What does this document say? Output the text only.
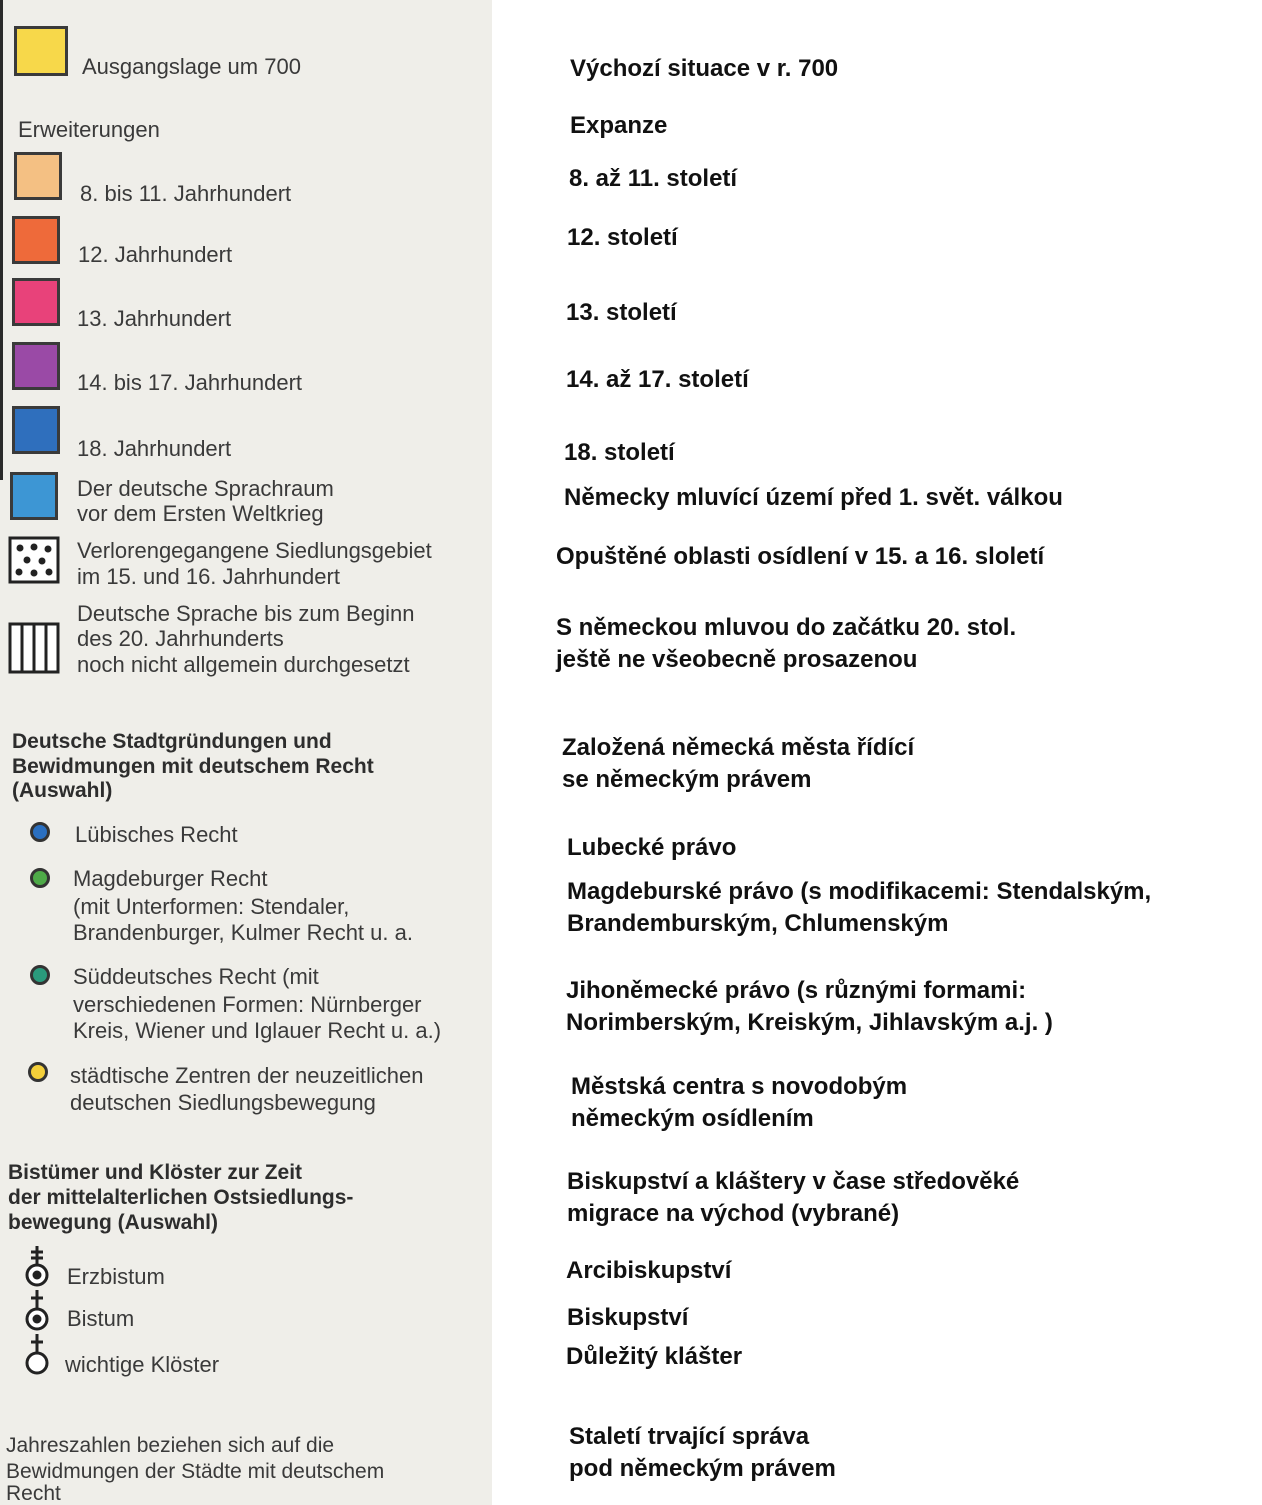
Ausgangslage um 700
Erweiterungen
8. bis 11. Jahrhundert
12. Jahrhundert
13. Jahrhundert
14. bis 17. Jahrhundert
18. Jahrhundert
Der deutsche Sprachraum
vor dem Ersten Weltkrieg
Verlorengegangene Siedlungsgebiet
im 15. und 16. Jahrhundert
Deutsche Sprache bis zum Beginn
des 20. Jahrhunderts
noch nicht allgemein durchgesetzt
Deutsche Stadtgründungen und
Bewidmungen mit deutschem Recht
(Auswahl)
Lübisches Recht
Magdeburger Recht
(mit Unterformen: Stendaler,
Brandenburger, Kulmer Recht u. a.
Süddeutsches Recht (mit
verschiedenen Formen: Nürnberger
Kreis, Wiener und Iglauer Recht u. a.)
städtische Zentren der neuzeitlichen
deutschen Siedlungsbewegung
Bistümer und Klöster zur Zeit
der mittelalterlichen Ostsiedlungs-
bewegung (Auswahl)
Erzbistum
Bistum
wichtige Klöster
Jahreszahlen beziehen sich auf die
Bewidmungen der Städte mit deutschem
Recht
Výchozí situace v r. 700
Expanze
8. až 11. století
12. století
13. století
14. až 17. století
18. století
Německy mluvící území před 1. svět. válkou
Opuštěné oblasti osídlení v 15. a 16. sloletí
S německou mluvou do začátku 20. stol.
ještě ne všeobecně prosazenou
Založená německá města řídící
se německým právem
Lubecké právo
Magdeburské právo (s modifikacemi: Stendalským,
Brandemburským, Chlumenským
Jihoněmecké právo (s různými formami:
Norimberským, Kreiským, Jihlavským a.j. )
Městská centra s novodobým
německým osídlením
Biskupství a kláštery v čase středověké
migrace na východ (vybrané)
Arcibiskupství
Biskupství
Důležitý klášter
Staletí trvající správa
pod německým právem
